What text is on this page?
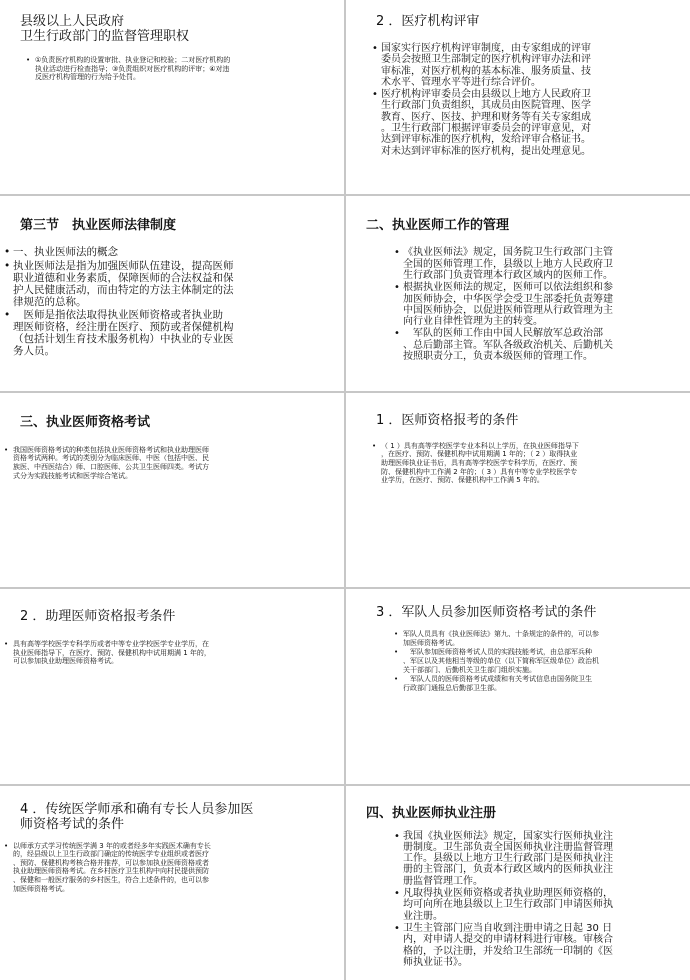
县级以上人民政府
卫生行政部门的监督管理职权
• ①负责医疗机构的设置审批、执业登记和校验；二对医疗机构的
执业活动进行检查指导；③负责组织对医疗机构的评审；④对违
反医疗机构管理的行为给予处罚。
2 ．医疗机构评审
• 国家实行医疗机构评审制度，由专家组成的评审
委员会按照卫生部制定的医疗机构评审办法和评
审标准，对医疗机构的基本标准、服务质量、技
术水平、管理水平等进行综合评价。
• 医疗机构评审委员会由县级以上地方人民政府卫
生行政部门负责组织，其成员由医院管理、医学
教育、医疗、医技、护理和财务等有关专家组成
。卫生行政部门根据评审委员会的评审意见，对
达到评审标准的医疗机构，发给评审合格证书。
对未达到评审标准的医疗机构，提出处理意见。
第三节　执业医师法律制度
• 一、执业医师法的概念
• 执业医师法是指为加强医师队伍建设，提高医师
职业道德和业务素质，保障医师的合法权益和保
护人民健康活动，而由特定的方法主体制定的法
律规范的总称。
• 　医师是指依法取得执业医师资格或者执业助
理医师资格，经注册在医疗、预防或者保健机构
（包括计划生育技术服务机构）中执业的专业医
务人员。
二、执业医师工作的管理
• 《执业医师法》规定，国务院卫生行政部门主管
全国的医师管理工作，县级以上地方人民政府卫
生行政部门负责管理本行政区域内的医师工作。
• 根据执业医师法的规定，医师可以依法组织和参
加医师协会，中华医学会受卫生部委托负责筹建
中国医师协会，以促进医师管理从行政管理为主
向行业自律性管理为主的转变。
• 　军队的医师工作由中国人民解放军总政治部
、总后勤部主管。军队各级政治机关、后勤机关
按照职责分工，负责本级医师的管理工作。
三、执业医师资格考试
• 我国医师资格考试的种类包括执业医师资格考试和执业助理医师
资格考试两种。考试的类别分为临床医师、中医（包括中医、民
族医、中西医结合）师、口腔医师、公共卫生医师四类。考试方
式分为实践技能考试和医学综合笔试。
1 ．医师资格报考的条件
• （ 1 ）具有高等学校医学专业本科以上学历，在执业医师指导下
，在医疗、预防、保健机构中试用期满 1 年的；（ 2 ）取得执业
助理医师执业证书后，具有高等学校医学专科学历，在医疗、预
防、保健机构中工作满 2 年的；（ 3 ）具有中等专业学校医学专
业学历，在医疗、预防、保健机构中工作满 5 年的。
2 ．助理医师资格报考条件
• 具有高等学校医学专科学历或者中等专业学校医学专业学历，在
执业医师指导下，在医疗、预防、保健机构中试用期满 1 年的，
可以参加执业助理医师资格考试。
3 ．军队人员参加医师资格考试的条件
• 军队人员具有《执业医师法》第九、十条规定的条件的，可以参
加医师资格考试。
• 　军队参加医师资格考试人员的实践技能考试，由总部军兵种
、军区以及其他相当等级的单位（以下简称军区级单位）政治机
关干部部门、后勤机关卫生部门组织实施。
• 　军队人员的医师资格考试成绩和有关考试信息由国务院卫生
行政部门通报总后勤部卫生部。
4 ．传统医学师承和确有专长人员参加医
师资格考试的条件
• 以师承方式学习传统医学满 3 年的或者经多年实践医术确有专长
的，经县级以上卫生行政部门确定的传统医学专业组织或者医疗
、预防、保健机构考核合格并推荐，可以参加执业医师资格或者
执业助理医师资格考试。在乡村医疗卫生机构中向村民提供预防
、保健和一般医疗服务的乡村医生，符合上述条件的，也可以参
加医师资格考试。
四、执业医师执业注册
• 我国《执业医师法》规定，国家实行医师执业注
册制度。卫生部负责全国医师执业注册监督管理
工作。县级以上地方卫生行政部门是医师执业注
册的主管部门，负责本行政区域内的医师执业注
册监督管理工作。
• 凡取得执业医师资格或者执业助理医师资格的，
均可向所在地县级以上卫生行政部门申请医师执
业注册。
• 卫生主管部门应当自收到注册申请之日起 30 日
内，对申请人提交的申请材料进行审核。审核合
格的，予以注册，并发给卫生部统一印制的《医
师执业证书》。
